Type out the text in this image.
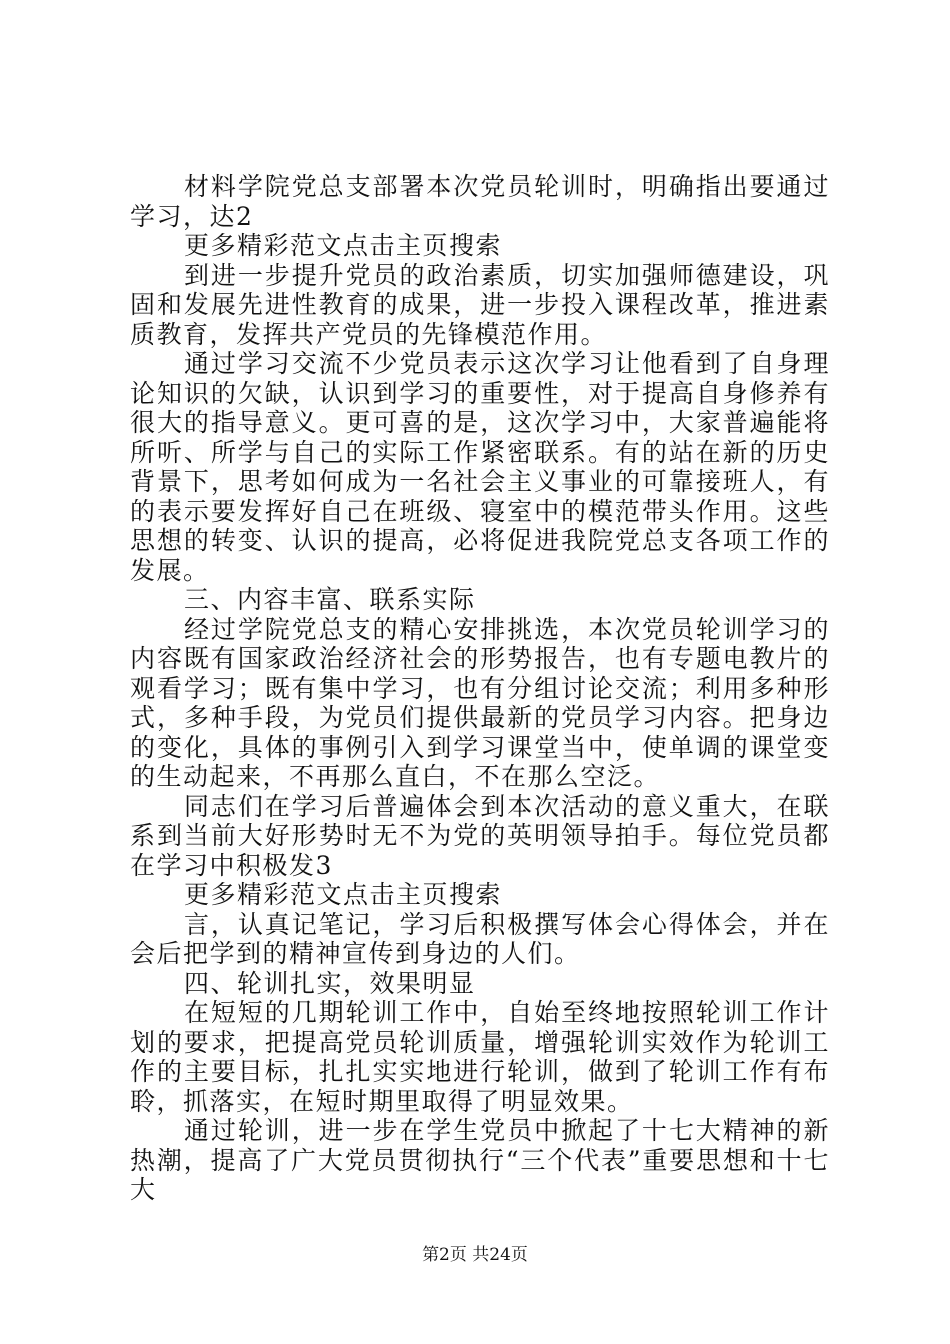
材料学院党总支部署本次党员轮训时，明确指出要通过学习，达2

更多精彩范文点击主页搜索

到进一步提升党员的政治素质，切实加强师德建设，巩固和发展先进性教育的成果，进一步投入课程改革，推进素质教育，发挥共产党员的先锋模范作用。

通过学习交流不少党员表示这次学习让他看到了自身理论知识的欠缺，认识到学习的重要性，对于提高自身修养有很大的指导意义。更可喜的是，这次学习中，大家普遍能将所听、所学与自己的实际工作紧密联系。有的站在新的历史背景下，思考如何成为一名社会主义事业的可靠接班人，有的表示要发挥好自己在班级、寝室中的模范带头作用。这些思想的转变、认识的提高，必将促进我院党总支各项工作的发展。

三、内容丰富、联系实际

经过学院党总支的精心安排挑选，本次党员轮训学习的内容既有国家政治经济社会的形势报告，也有专题电教片的观看学习；既有集中学习，也有分组讨论交流；利用多种形式，多种手段，为党员们提供最新的党员学习内容。把身边的变化，具体的事例引入到学习课堂当中，使单调的课堂变的生动起来，不再那么直白，不在那么空泛。

同志们在学习后普遍体会到本次活动的意义重大，在联系到当前大好形势时无不为党的英明领导拍手。每位党员都在学习中积极发3

更多精彩范文点击主页搜索

言，认真记笔记，学习后积极撰写体会心得体会，并在会后把学到的精神宣传到身边的人们。

四、轮训扎实，效果明显

在短短的几期轮训工作中，自始至终地按照轮训工作计划的要求，把提高党员轮训质量，增强轮训实效作为轮训工作的主要目标，扎扎实实地进行轮训，做到了轮训工作有布聆，抓落实，在短时期里取得了明显效果。

通过轮训，进一步在学生党员中掀起了十七大精神的新热潮，提高了广大党员贯彻执行“三个代表”重要思想和十七大

第2页 共24页
